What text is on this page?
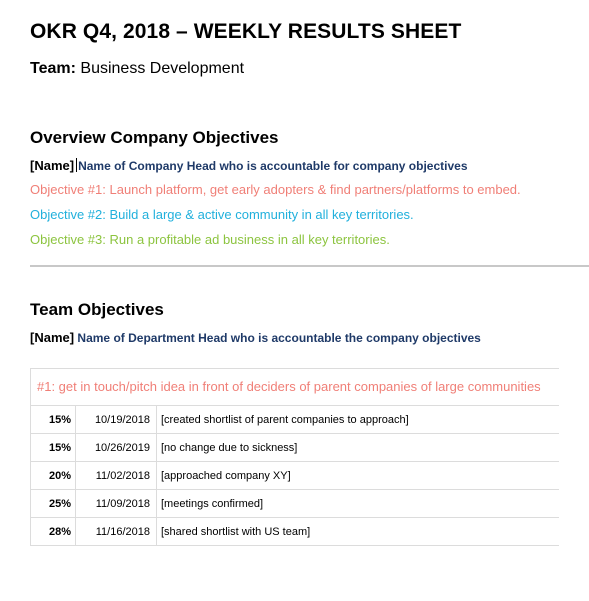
OKR Q4, 2018 – WEEKLY RESULTS SHEET
Team: Business Development
Overview Company Objectives
[Name] Name of Company Head who is accountable for company objectives
Objective #1: Launch platform, get early adopters & find partners/platforms to embed.
Objective #2: Build a large & active community in all key territories.
Objective #3: Run a profitable ad business in all key territories.
Team Objectives
[Name] Name of Department Head who is accountable the company objectives
#1: get in touch/pitch idea in front of deciders of parent companies of large communities
15%	10/19/2018	[created shortlist of parent companies to approach]
15%	10/26/2019	[no change due to sickness]
20%	11/02/2018	[approached company XY]
25%	11/09/2018	[meetings confirmed]
28%	11/16/2018	[shared shortlist with US team]
